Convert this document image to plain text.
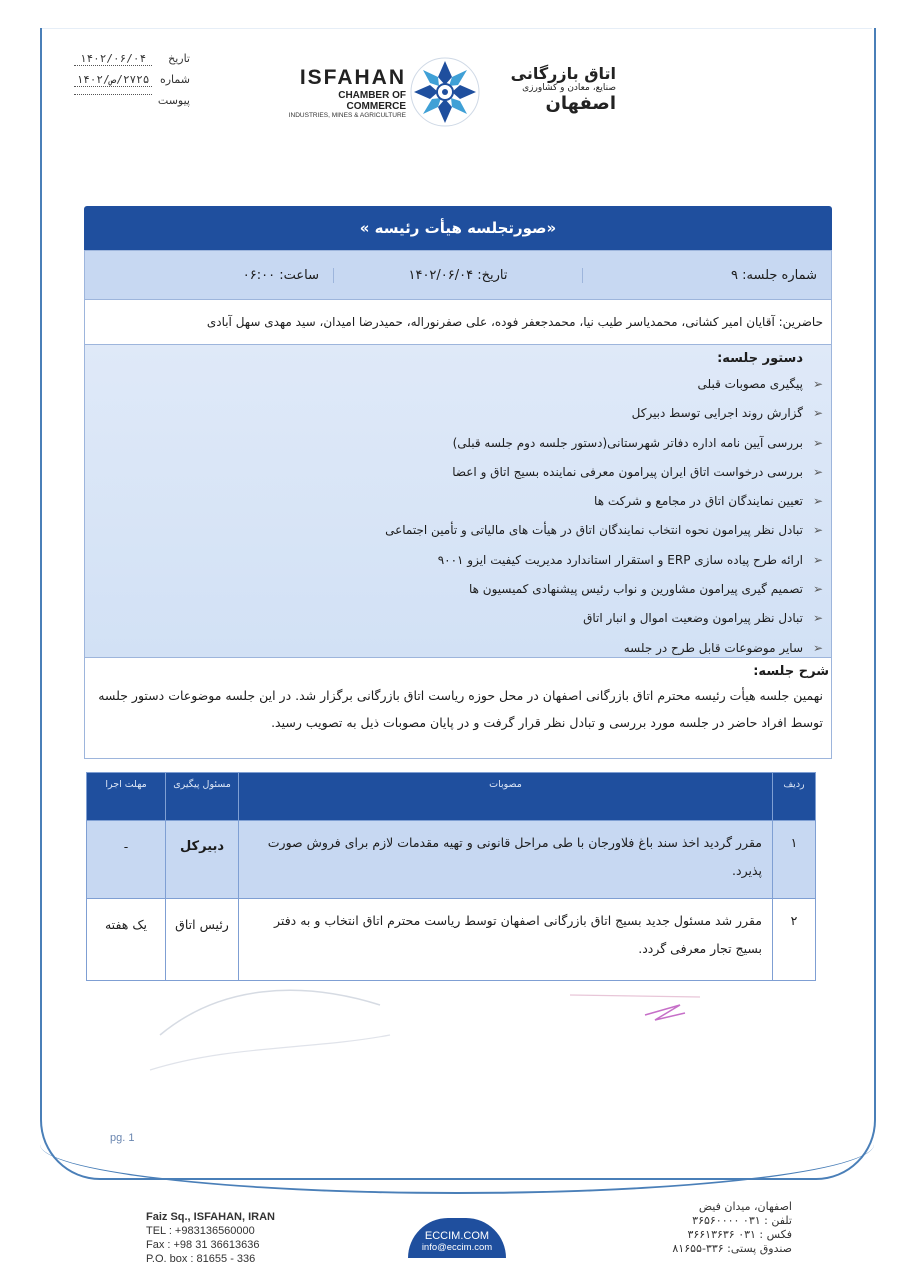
تاریخ
۱۴۰۲/۰۶/۰۴
شماره
۲۷۲۵/ص/۱۴۰۲
پیوست
ISFAHAN
CHAMBER OF COMMERCE
INDUSTRIES, MINES & AGRICULTURE
اتاق بازرگانی
صنایع، معادن و کشاورزی
اصفهان
«صورتجلسه هیأت رئیسه »
شماره جلسه: ۹
تاریخ: ۱۴۰۲/۰۶/۰۴
ساعت: ۰۶:۰۰
حاضرین: آقایان امیر کشانی، محمدیاسر طیب نیا، محمدجعفر فوده، علی صفرنوراله، حمیدرضا امیدان، سید مهدی سهل آبادی
دستور جلسه:
➢
پیگیری مصوبات قبلی
➢
گزارش روند اجرایی توسط دبیرکل
➢
بررسی آیین نامه اداره دفاتر شهرستانی(دستور جلسه دوم جلسه قبلی)
➢
بررسی درخواست اتاق ایران پیرامون معرفی نماینده بسیج اتاق و اعضا
➢
تعیین نمایندگان اتاق در مجامع و شرکت ها
➢
تبادل نظر پیرامون نحوه انتخاب نمایندگان اتاق در هیأت های مالیاتی و تأمین اجتماعی
➢
ارائه طرح پیاده سازی ERP و استقرار استاندارد مدیریت کیفیت ایزو ۹۰۰۱
➢
تصمیم گیری پیرامون مشاورین و نواب رئیس پیشنهادی کمیسیون ها
➢
تبادل نظر پیرامون وضعیت اموال و انبار اتاق
➢
سایر موضوعات قابل طرح در جلسه
شرح جلسه:
نهمین جلسه هیأت رئیسه محترم اتاق بازرگانی اصفهان در محل حوزه ریاست اتاق بازرگانی برگزار شد. در این جلسه موضوعات دستور جلسه توسط افراد حاضر در جلسه مورد بررسی و تبادل نظر قرار گرفت و در پایان مصوبات ذیل به تصویب رسید.
ردیف	مصوبات	مسئول پیگیری	مهلت اجرا
۱	مقرر گردید اخذ سند باغ فلاورجان با طی مراحل قانونی و تهیه مقدمات لازم برای فروش صورت پذیرد.	دبیرکل	-
۲	مقرر شد مسئول جدید بسیج اتاق بازرگانی اصفهان توسط ریاست محترم اتاق انتخاب و به دفتر بسیج تجار معرفی گردد.	رئیس اتاق	یک هفته
pg. 1
Faiz Sq., ISFAHAN, IRAN
TEL : +983136560000
Fax : +98 31 36613636
P.O. box : 81655 - 336
ECCIM.COM
info@eccim.com
اصفهان، میدان فیض
تلفن : ۰۳۱ ۳۶۵۶۰۰۰۰
فکس : ۰۳۱ ۳۶۶۱۳۶۳۶
صندوق پستی: ۳۳۶-۸۱۶۵۵
